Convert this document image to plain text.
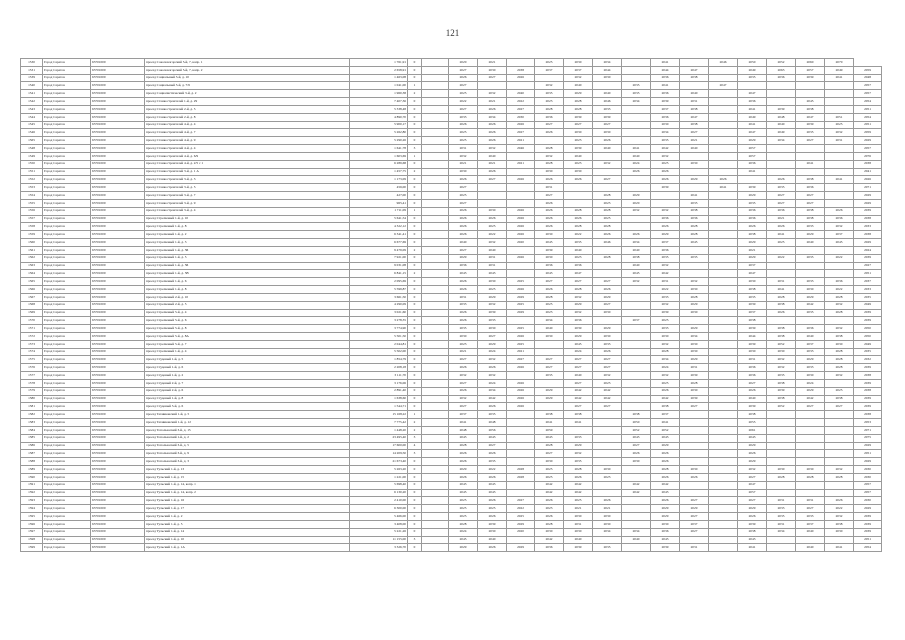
121
1530	Город Саратов	63701000	проезд Соколовогорский 5-й, 7, копр. 1	1 761,91	0		2020	2021		2025	2030	2034		2041		2046	2050	2052	2060	2070	
1531	Город Саратов	63701000	проезд Соколовогорский 5-й, 7, копр. 2	2 658,91	0		2027	2030	2038	2037	2037	2044		2044	2047		2049	2063	2057	2049	2059
1539	Город Саратов	63701000	проезд Социальный 3-й, д. 10	1 463,08	0		2026	2027	2026		2032	2030		2036	2038		2035	2036	2039	2041	2048
1540	Город Саратов	63701000	проезд Социальный 3-й, д. 7/9	1 041,00	1		2027			2032	2040		2035	2041		2047					2057
1541	Город Саратов	63701000	проезд Социалистический 3-й, д. 2	1 960,38	2		2025	2032	2040	2035	2029	2040	2035	2036	2040		2047				2057
1542	Город Саратов	63701000	проезд Станкостроителей 1-й, д. 29	7 407,36	0		2022	2021	2022	2023	2028	2046	2034	2039	2031		2036		2045		2054
1543	Город Саратов	63701000	проезд Станкостроителей 2-й, д. 5	5 338,48	0		2027	2026	2027	2028	2028	2033		2037	2038		2041	2039	2038		2051
1544	Город Саратов	63701000	проезд Станкостроителей 2-й, д. 8	4 890,70	0		2033	2034	2030	2036	2039	2039		2036	2047		2049	2048	2047	2051	2054
1545	Город Саратов	63701000	проезд Станкостроителей 4-й, д. 4	5 900,17	0		2026	2026	2026	2027	2027	2027		2030	2038		2041	2040	2039	2025	2051
1546	Город Саратов	63701000	проезд Станкостроителей 4-й, д. 7	5 262,80	0		2025	2026	2027	2026	2030	2030		2034	2027		2047	2049	2035	2032	2059
1565	Город Саратов	63701000	проезд Станкостроителей 4-й, д. 9	5 290,26	0		2025	2026	2021		2023	2026		2035	2021		2029	2034	2027	2031	2029
1548	Город Саратов	63701000	проезд Станкостроителей 4-й, д. 4	1 641,78	3		2031	2032	2046	2028	2039	2040	2041	2042	2040		2057				2057
1549	Город Саратов	63701000	проезд Станкостроителей 4-й, д. 6/9	1 603,69	1		2032	2040		2032	2040		2040	2032			2057				2076
1550	Город Саратов	63701000	проезд Станкостроителей 4-й, д. 2/5 с 1	6 289,68	0		2021	2021	2021	2028	2023	2032	2024	2025	2030		2036		2041		2038
1551	Город Саратов	63701000	проезд Станкостроителей 3-й, д. 1 А	1 457,75	2		2030	2026		2030	2030		2026	2026			2041				2041
1552	Город Саратов	63701000	проезд Станкостроителей 3-й, д. 3	1 173,09	0		2026	2027	2026	2026	2026	2027		2026	2029	2026		2026	2038	2041	2026
1553	Город Саратов	63701000	проезд Станкостроителей 3-й, д. 5	456,00	0		2027			2031				2039		2041	2039	2035	2036		2071
1554	Город Саратов	63701000	проезд Станкостроителей 3-й, д. 7	427,00	0		2025			2027		2028	2029		2041		2029	2027	2027		2029
1555	Город Саратов	63701000	проезд Станкостроителей 3-й, д. 9	965,41	0		2027			2026		2023	2020		2035		2035	2027	2027		2029
1556	Город Саратов	63701000	проезд Станкостроителей 3-й, д. 4	1 711,09	1		2026	2030	2026	2026	2028	2028	2032	2032	2038		2036	2036	2038	2026	2039
1557	Город Саратов	63701000	проезд Стрелковый 1-й, д. 10	5 641,54	0		2026	2026	2026	2026	2026	2025		2036	2036		2036	2021	2038	2036	2038
1558	Город Саратов	63701000	проезд Стрелковый 1-й, д. 8	4 322,12	0		2026	2025	2026	2026	2028	2028		2026	2028		2026	2026	2033	2032	2033
1559	Город Саратов	63701000	проезд Стрелковый 1-й, д. 2	6 341,41	0		2026	2022	2026	2030	2022	2026	2026	2029	2028		2038	2041	2029	2037	2038
1560	Город Саратов	63701000	проезд Стрелковый 1-й, д. 3	6 677,69	0		2040	2032	2020	2045	2035	2046	2034	2037	2045		2029	2025	2040	2045	2029
1561	Город Саратов	63701000	проезд Стрелковый 1-й, д. 3Б	9 479,09	2		2027	2040		2039	2040		2040	2036			2021				2024
1562	Город Саратов	63701000	проезд Стрелковый 1-й, д. 5	7 921,00	0		2029	2031	2026	2030	2023	2028	2038	2035	2035		2029	2022	2035	2022	2039
1563	Город Саратов	63701000	проезд Стрелковый 1-й, д. 5Б	9 031,08	0		2036	2031		2036	2036		2040	2032			2037				2027
1564	Город Саратов	63701000	проезд Стрелковый 1-й, д. 5В	6 841,15	2		2043	2043		2043	2047		2045	2042			2047				2051
1565	Город Саратов	63701000	проезд Стрелковый 1-й, д. 6	2 095,69	0		2026	2030	2025	2027	2027	2027	2032	2031	2032		2030	2031	2033	2036	2037
1566	Город Саратов	63701000	проезд Стрелковый 1-й, д. 8	5 599,87	0		2026	2025	2026	2026	2028	2026		2022	2030		2038	2041	2030	2022	2033
1567	Город Саратов	63701000	проезд Стрелковый 2-й, д. 10	3 661,50	0		2031	2029	2029	2028	2032	2029		2033	2028		2035	2028	2029	2028	2035
1568	Город Саратов	63701000	проезд Стрелковый 2-й, д. 5	4 290,09	0		2033	2032	2025	2025	2029	2027		2032	2029		2039	2038	2042	2032	2049
1569	Город Саратов	63701000	проезд Стрелковый 5-й, д. 4	3 021,60	0		2026	2039	2029	2023	2032	2030		2039	2030		2037	2026	2035	2028	2039
1570	Город Саратов	63701000	проезд Стрелковый 5-й, д. 6	3 278,35	0		2026	2033		2034	2036		2037	2025			2038				2039
1571	Город Саратов	63701000	проезд Стрелковый 5-й, д. 8	3 774,90	0		2035	2030	2025	2040	2039	2029		2033	2029		2039	2038	2036	2032	2050
1572	Город Саратов	63701000	проезд Стрелковый 5-й, д. 8А	5 501,50	0		2030	2027	2026	2030	2029	2030		2030	2034		2044	2038	2040	2038	2050
1573	Город Саратов	63701000	проезд Стрелковый 5-й, д. 7	2 044,81	0		2023	2029	2025		2045	2033		2032	2030		2039	2052	2037	2030	2049
1574	Город Саратов	63701000	проезд Стрелковый 1-й, д. 4	5 502,00	0		2021	2024	2021		2024	2026		2028	2030		2030	2030	2033	2028	2035
1575	Город Саратов	63701000	проезд Студеный 1-й, д. 5	1 854,79	0		2027	2032	2027	2027	2027	2027		2034	2029		2031	2032	2029	2028	2032
1576	Город Саратов	63701000	проезд Студеный 1-й, д. 6	2 208,18	0		2026	2026	2026	2027	2027	2027		2024	2031		2036	2032	2033	2028	2039
1577	Город Саратов	63701000	проезд Студеный 1-й, д. 2	3 111,70	0		2032	2032		2035	2040	2032		2032	2039		2036	2035	2030	2032	2038
1578	Город Саратов	63701000	проезд Студеный 2-й, д. 7	3 176,06	0		2027	2024	2026		2027	2023		2025	2028		2027	2038	2024		2039
1579	Город Саратов	63701000	проезд Студеный 2-й, д. 6	2 891,40	0		2026	2034	2026	2029	2042	2042		2026	2030		2026	2039	2029	2025	2038
1580	Город Саратов	63701000	проезд Студеный 1-й, д. 8	1 638,60	0		2032	2042	2026	2029	2042	2042		2042	2039		2040	2038	2042	2038	2039
1581	Город Саратов	63701000	проезд Студеный 3-й, д. 6	1 544,71	0		2027	2026	2026		2027	2027		2038	2027		2039	2052	2027	2027	2039
1582	Город Саратов	63701000	проезд Техниковский 1-й, д. 5	15 168,22	1		2037	2035		2038	2038		2038	2037			2038				2038
1583	Город Саратов	63701000	проезд Техниковский 1-й, д. 12	7 775,42	2		2041	2048		2041	2041		2050	2041			2055				2053
1584	Город Саратов	63701000	проезд Топольчаский 3-й, д. 15	1 448,20	2		2048	2056		2059			2052	2052			2061				2071
1585	Город Саратов	63701000	проезд Топольчаский 1-й, д. 2	23 495,40	3		2043	2043		2043	2033		2043	2043			2043				2075
1586	Город Саратов	63701000	проезд Топольчаский 3-й, д. 5	17 600,00	4		2028	2027		2028	2029		2027	2029			2029				2029
1587	Город Саратов	63701000	проезд Топольчаский 3-й, д. 9	14 209,50	3		2026	2026		2027	2032		2026	2026			2026				2051
1588	Город Саратов	63701000	проезд Топольчаский 3-й, д. 3	21 673,40	0		2026	2035		2030	2035		2030	2026			2029				2029
1589	Город Саратов	63701000	проезд Тульский 1-й, д. 13	5 263,20	0		2029	2022	2028	2025	2028	2030		2028	2030		2032	2030	2030	2032	2030
1590	Город Саратов	63701000	проезд Тульский 1-й, д. 15	1 221,00	0		2026	2026	2028	2025	2026	2023		2026	2026		2027	2028	2028	2028	2030
1591	Город Саратов	63701000	проезд Тульский 1-й, д. 14, копр. 1	5 698,40	0		2043	2043		2042	2042		2042	2042			2047				2057
1592	Город Саратов	63701000	проезд Тульский 1-й, д. 14, копр. 2	6 130,20	0		2045	2043		2042	2042		2042	2043			2057				2057
1593	Город Саратов	63701000	проезд Тульский 1-й, д. 16	2 410,00	0		2025	2026	2027	2026	2025	2026		2026	2027		2027	2031	2031	2026	2030
1594	Город Саратов	63701000	проезд Тульский 1-й, д. 17	6 300,00	0		2025	2025	2022	2023	2021	2021		2029	2029		2029	2033	2027	2022	2029
1595	Город Саратов	63701000	проезд Тульский 1-й, д. 2	5 466,00	0		2025	2026	2025	2026	2030	2030		2029	2027		2026	2035	2033	2032	2039
1596	Город Саратов	63701000	проезд Тульский 1-й, д. 5	3 408,00	0		2028	2039	2029	2028	2031	2030		2030	2037		2039	2031	2037	2038	2039
1597	Город Саратов	63701000	проезд Тульский 1-й, д. 14	5 221,26	0		2024	2030	2020	2030	2030	2034	2034	2036	2027		2038	2034	2040	2030	2039
1598	Город Саратов	63701000	проезд Тульский 1-й, д. 10	11 155,00	3		2045	2040		2042	2040		2040	2043			2043				2051
1599	Город Саратов	63701000	проезд Тульский 1-й, д. 1А	3 326,70	0		2029	2026	2029	2036	2039	2035		2039	2031		2041		2040	2041	2054
